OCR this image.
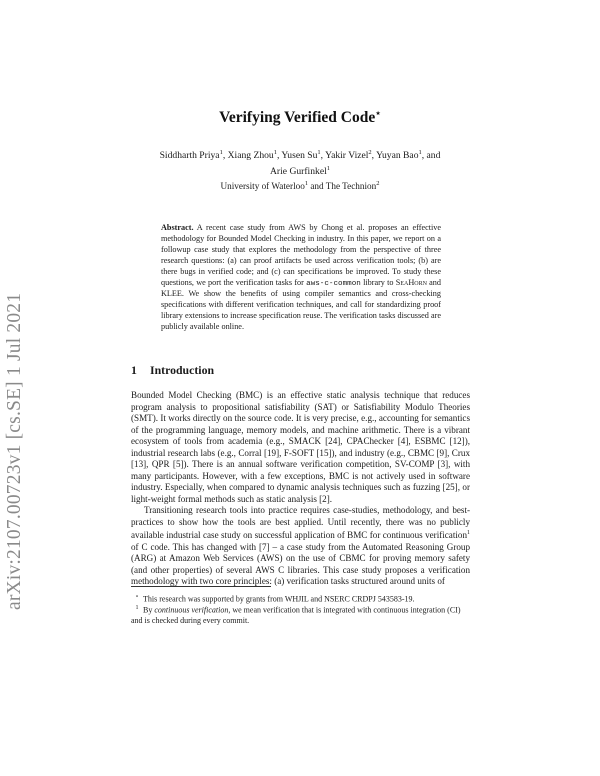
arXiv:2107.00723v1 [cs.SE] 1 Jul 2021
Verifying Verified Code⋆
Siddharth Priya$^1$, Xiang Zhou$^1$, Yusen Su$^1$, Yakir Vizel$^2$, Yuyan Bao$^1$, and
Arie Gurfinkel$^1$
University of Waterloo$^1$ and The Technion$^2$
Abstract. A recent case study from AWS by Chong et al. proposes an effective methodology for Bounded Model Checking in industry. In this paper, we report on a followup case study that explores the methodology from the perspective of three research questions: (a) can proof artifacts be used across verification tools; (b) are there bugs in verified code; and (c) can specifications be improved. To study these questions, we port the verification tasks for aws-c-common library to SeaHorn and KLEE. We show the benefits of using compiler semantics and cross-checking specifications with different verification techniques, and call for standardizing proof library extensions to increase specification reuse. The verification tasks discussed are publicly available online.
1 Introduction

Bounded Model Checking (BMC) is an effective static analysis technique that reduces program analysis to propositional satisfiability (SAT) or Satisfiability Modulo Theories (SMT). It works directly on the source code. It is very precise, e.g., accounting for semantics of the programming language, memory models, and machine arithmetic. There is a vibrant ecosystem of tools from academia (e.g., SMACK [24], CPAChecker [4], ESBMC [12]), industrial research labs (e.g., Corral [19], F-SOFT [15]), and industry (e.g., CBMC [9], Crux [13], QPR [5]). There is an annual software verification competition, SV-COMP [3], with many participants. However, with a few exceptions, BMC is not actively used in software industry. Especially, when compared to dynamic analysis techniques such as fuzzing [25], or light-weight formal methods such as static analysis [2].

Transitioning research tools into practice requires case-studies, methodology, and best-practices to show how the tools are best applied. Until recently, there was no publicly available industrial case study on successful application of BMC for continuous verification$^1$ of C code. This has changed with [7] – a case study from the Automated Reasoning Group (ARG) at Amazon Web Services (AWS) on the use of CBMC for proving memory safety (and other properties) of several AWS C libraries. This case study proposes a verification methodology with two core principles: (a) verification tasks structured around units of

⋆ This research was supported by grants from WHJIL and NSERC CRDPJ 543583-19.
$^1$ By continuous verification, we mean verification that is integrated with continuous integration (CI) and is checked during every commit.
